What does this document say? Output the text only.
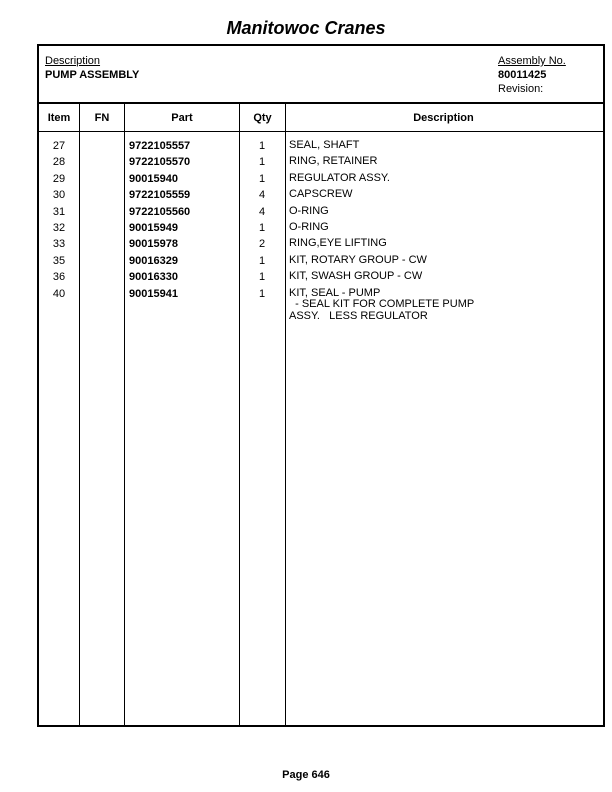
Manitowoc Cranes
Description
PUMP ASSEMBLY
Assembly No.
80011425
Revision:
Item	FN	Part	Qty	Description
27	9722105557	1	SEAL, SHAFT
28	9722105570	1	RING, RETAINER
29	90015940	1	REGULATOR ASSY.
30	9722105559	4	CAPSCREW
31	9722105560	4	O-RING
32	90015949	1	O-RING
33	90015978	2	RING,EYE LIFTING
35	90016329	1	KIT, ROTARY GROUP - CW
36	90016330	1	KIT, SWASH GROUP - CW
40	90015941	1	KIT, SEAL - PUMP
- SEAL KIT FOR COMPLETE PUMP
ASSY.   LESS REGULATOR
Page 646
